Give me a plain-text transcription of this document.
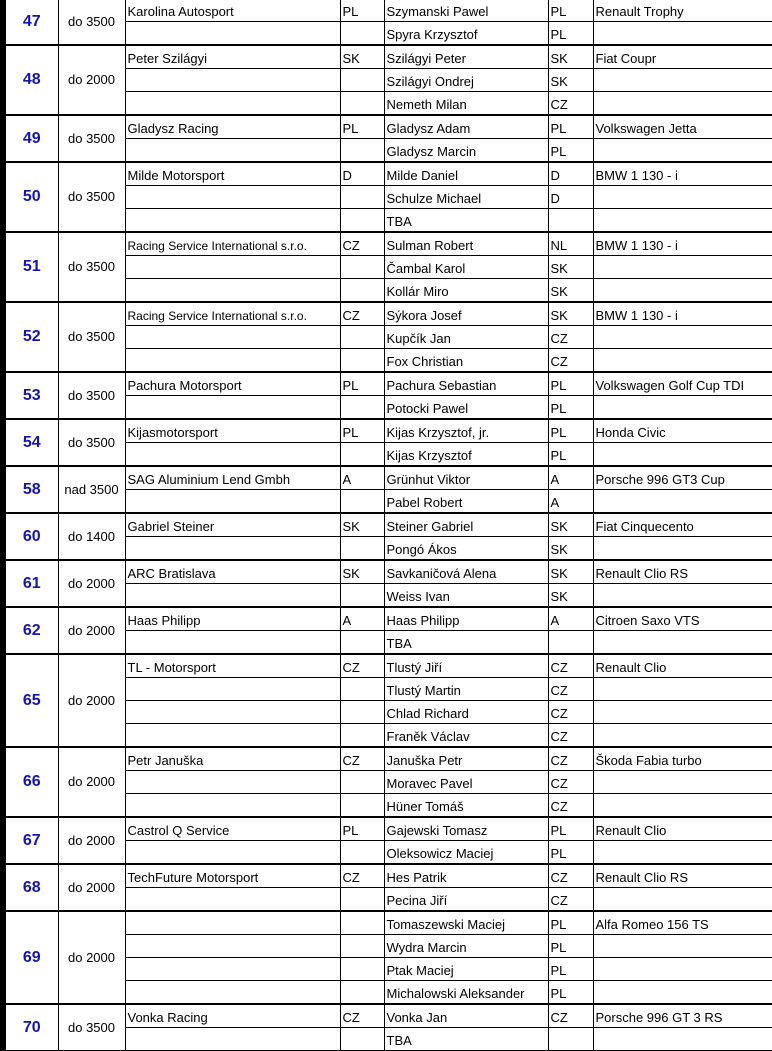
47	do 3500	Karolina Autosport	PL	Szymanski Pawel	PL	Renault Trophy
				Spyra Krzysztof	PL	
48	do 2000	Peter Szilágyi	SK	Szilágyi Peter	SK	Fiat Coupr
				Szilágyi Ondrej	SK	
				Nemeth Milan	CZ	
49	do 3500	Gladysz Racing	PL	Gladysz Adam	PL	Volkswagen Jetta
				Gladysz Marcin	PL	
50	do 3500	Milde Motorsport	D	Milde Daniel	D	BMW 1 130 - i
				Schulze Michael	D	
				TBA		
51	do 3500	Racing Service International s.r.o.	CZ	Sulman Robert	NL	BMW 1 130 - i
				Čambal Karol	SK	
				Kollár Miro	SK	
52	do 3500	Racing Service International s.r.o.	CZ	Sýkora Josef	SK	BMW 1 130 - i
				Kupčík Jan	CZ	
				Fox Christian	CZ	
53	do 3500	Pachura Motorsport	PL	Pachura Sebastian	PL	Volkswagen Golf Cup TDI
				Potocki Pawel	PL	
54	do 3500	Kijasmotorsport	PL	Kijas Krzysztof, jr.	PL	Honda Civic
				Kijas Krzysztof	PL	
58	nad 3500	SAG Aluminium Lend Gmbh	A	Grünhut Viktor	A	Porsche 996 GT3 Cup
				Pabel Robert	A	
60	do 1400	Gabriel Steiner	SK	Steiner Gabriel	SK	Fiat Cinquecento
				Pongó Ákos	SK	
61	do 2000	ARC Bratislava	SK	Savkaničová Alena	SK	Renault Clio RS
				Weiss Ivan	SK	
62	do 2000	Haas Philipp	A	Haas Philipp	A	Citroen Saxo VTS
				TBA		
65	do 2000	TL - Motorsport	CZ	Tlustý Jiří	CZ	Renault Clio
				Tlustý Martin	CZ	
				Chlad Richard	CZ	
				Franěk Václav	CZ	
66	do 2000	Petr Januška	CZ	Januška Petr	CZ	Škoda Fabia turbo
				Moravec Pavel	CZ	
				Hüner Tomáš	CZ	
67	do 2000	Castrol Q Service	PL	Gajewski Tomasz	PL	Renault Clio
				Oleksowicz Maciej	PL	
68	do 2000	TechFuture Motorsport	CZ	Hes Patrik	CZ	Renault Clio RS
				Pecina Jiří	CZ	
69	do 2000			Tomaszewski Maciej	PL	Alfa Romeo 156 TS
				Wydra Marcin	PL	
				Ptak Maciej	PL	
				Michalowski Aleksander	PL	
70	do 3500	Vonka Racing	CZ	Vonka Jan	CZ	Porsche 996 GT 3 RS
				TBA		
